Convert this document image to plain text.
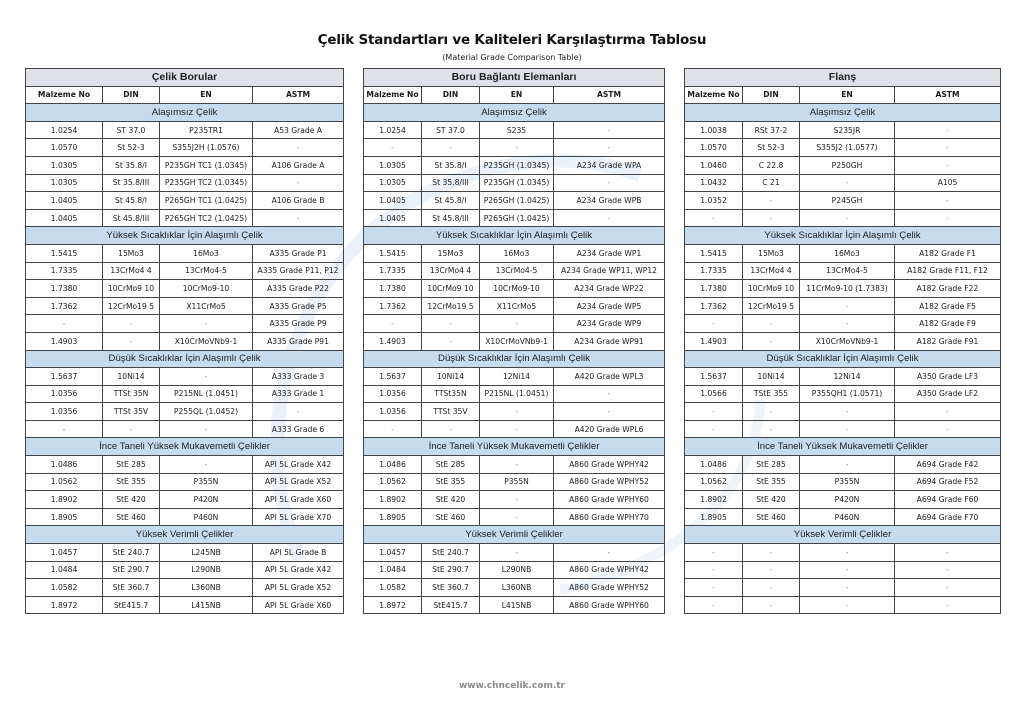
Çelik Standartları ve Kaliteleri Karşılaştırma Tablosu
(Material Grade Comparison Table)
Çelik Borular			
Malzeme No	DIN	EN	ASTM
Alaşımsız Çelik			
1.0254	ST 37.0	P235TR1	A53 Grade A
1.0570	St 52-3	S355J2H (1.0576)	-
1.0305	St 35.8/I	P235GH TC1 (1.0345)	A106 Grade A
1.0305	St 35.8/III	P235GH TC2 (1.0345)	-
1.0405	St 45.8/I	P265GH TC1 (1.0425)	A106 Grade B
1.0405	St 45.8/III	P265GH TC2 (1.0425)	-
Yüksek Sıcaklıklar İçin Alaşımlı Çelik			
1.5415	15Mo3	16Mo3	A335 Grade P1
1.7335	13CrMo4 4	13CrMo4-5	A335 Grade P11, P12
1.7380	10CrMo9 10	10CrMo9-10	A335 Grade P22
1.7362	12CrMo19 5	X11CrMo5	A335 Grade P5
-	-	-	A335 Grade P9
1.4903	-	X10CrMoVNb9-1	A335 Grade P91
Düşük Sıcaklıklar İçin Alaşımlı Çelik			
1.5637	10Ni14	-	A333 Grade 3
1.0356	TTSt 35N	P215NL (1.0451)	A333 Grade 1
1.0356	TTSt 35V	P255QL (1.0452)	-
-	-	-	A333 Grade 6
İnce Taneli Yüksek Mukavemetli Çelikler			
1.0486	StE 285	-	API 5L Grade X42
1.0562	StE 355	P355N	API 5L Grade X52
1.8902	StE 420	P420N	API 5L Grade X60
1.8905	StE 460	P460N	API 5L Grade X70
Yüksek Verimli Çelikler			
1.0457	StE 240.7	L245NB	API 5L Grade B
1.0484	StE 290.7	L290NB	API 5L Grade X42
1.0582	StE 360.7	L360NB	API 5L Grade X52
1.8972	StE415.7	L415NB	API 5L Grade X60
Boru Bağlantı Elemanları			
Malzeme No	DIN	EN	ASTM
Alaşımsız Çelik			
1.0254	ST 37.0	S235	-
-	-	-	-
1.0305	St 35.8/I	P235GH (1.0345)	A234 Grade WPA
1.0305	St 35.8/III	P235GH (1.0345)	-
1.0405	St 45.8/I	P265GH (1.0425)	A234 Grade WPB
1.0405	St 45.8/III	P265GH (1.0425)	-
Yüksek Sıcaklıklar İçin Alaşımlı Çelik			
1.5415	15Mo3	16Mo3	A234 Grade WP1
1.7335	13CrMo4 4	13CrMo4-5	A234 Grade WP11, WP12
1.7380	10CrMo9 10	10CrMo9-10	A234 Grade WP22
1.7362	12CrMo19 5	X11CrMo5	A234 Grade WP5
-	-	-	A234 Grade WP9
1.4903	-	X10CrMoVNb9-1	A234 Grade WP91
Düşük Sıcaklıklar İçin Alaşımlı Çelik			
1.5637	10Ni14	12Ni14	A420 Grade WPL3
1.0356	TTSt35N	P215NL (1.0451)	-
1.0356	TTSt 35V	-	-
-	-	-	A420 Grade WPL6
İnce Taneli Yüksek Mukavemetli Çelikler			
1.0486	StE 285	-	A860 Grade WPHY42
1.0562	StE 355	P355N	A860 Grade WPHY52
1.8902	StE 420	-	A860 Grade WPHY60
1.8905	StE 460	-	A860 Grade WPHY70
Yüksek Verimli Çelikler			
1.0457	StE 240.7	-	-
1.0484	StE 290.7	L290NB	A860 Grade WPHY42
1.0582	StE 360.7	L360NB	A860 Grade WPHY52
1.8972	StE415.7	L415NB	A860 Grade WPHY60
Flanş			
Malzeme No	DIN	EN	ASTM
Alaşımsız Çelik			
1.0038	RSt 37-2	S235JR	-
1.0570	St 52-3	S355J2 (1.0577)	-
1.0460	C 22.8	P250GH	-
1.0432	C 21	-	A105
1.0352	-	P245GH	-
-	-	-	-
Yüksek Sıcaklıklar İçin Alaşımlı Çelik			
1.5415	15Mo3	16Mo3	A182 Grade F1
1.7335	13CrMo4 4	13CrMo4-5	A182 Grade F11, F12
1.7380	10CrMo9 10	11CrMo9-10 (1.7383)	A182 Grade F22
1.7362	12CrMo19 5	-	A182 Grade F5
-	-	-	A182 Grade F9
1.4903	-	X10CrMoVNb9-1	A182 Grade F91
Düşük Sıcaklıklar İçin Alaşımlı Çelik			
1.5637	10Ni14	12Ni14	A350 Grade LF3
1.0566	TStE 355	P355QH1 (1.0571)	A350 Grade LF2
-	-	-	-
-	-	-	-
İnce Taneli Yüksek Mukavemetli Çelikler			
1.0486	StE 285	-	A694 Grade F42
1.0562	StE 355	P355N	A694 Grade F52
1.8902	StE 420	P420N	A694 Grade F60
1.8905	StE 460	P460N	A694 Grade F70
Yüksek Verimli Çelikler			
-	-	-	-
-	-	-	-
-	-	-	-
-	-	-	-
www.chncelik.com.tr
